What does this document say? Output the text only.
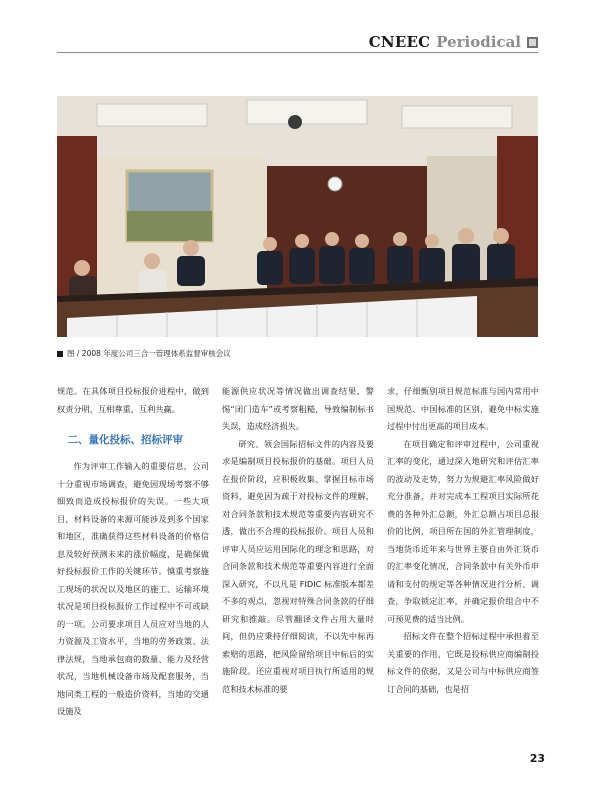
CNEEC Periodical
图 / 2008 年度公司三合一管理体系监督审核会议

规范。在具体项目投标报价进程中，做到权责分明，互相尊重，互利共赢。

二、量化投标、招标评审

作为评审工作输入的重要信息，公司十分重视市场调查，避免因现场考察不够细致而造成投标报价的失误。一些大项目，材料设备的来源可能涉及到多个国家和地区，准确获得这些材料设备的价格信息及较好预测未来的涨价幅度，是确保做好投标报价工作的关键环节。慎重考察施工现场的状况以及地区的施工、运输环境状况是项目投标报价工作过程中不可或缺的一项。公司要求项目人员应对当地的人力资源及工资水平，当地的劳务政策、法律法规，当地承包商的数量、能力及经营状况，当地机械设备市场及配套服务，当地同类工程的一般造价资料，当地的交通设施及

能源供应状况等情况做出调查结果，警惕“闭门造车”或考察粗糙，导致编制标书失误，造成经济损失。

研究、领会国际招标文件的内容及要求是编制项目投标报价的基础。项目人员在报价阶段，应积极收集、掌握目标市场资料，避免因为疏于对投标文件的理解，对合同条款和技术规范等重要内容研究不透，做出不合理的投标报价。项目人员和评审人员应运用国际化的理念和思路，对合同条款和技术规范等重要内容进行全面深入研究，不以凡是 FIDIC 标准版本都差不多的观点，忽视对特殊合同条款的仔细研究和推敲。尽管翻译文件占用大量时间，但仍应秉持仔细阅读，不以先中标再索赔的思路，把风险留给项目中标后的实施阶段。还应重视对项目执行所适用的规范和技术标准的要

求，仔细甄别项目规范标准与国内常用中国规范、中国标准的区别，避免中标实施过程中付出更高的项目成本。

在项目确定和评审过程中，公司重视汇率的变化，通过深入地研究和评估汇率的波动及走势，努力为规避汇率风险做好充分准备，并对完成本工程项目实际所花费的各种外汇总额，外汇总额占项目总报价的比例，项目所在国的外汇管理制度，当地货币近年来与世界主要自由外汇货币的汇率变化情况，合同条款中有关外币申请和支付的规定等各种情况进行分析、调查，争取锁定汇率，并确定报价组合中不可预见费的适当比例。

招标文件在整个招标过程中承担着至关重要的作用，它既是投标供应商编制投标文件的依据，又是公司与中标供应商签订合同的基础，也是招

23
